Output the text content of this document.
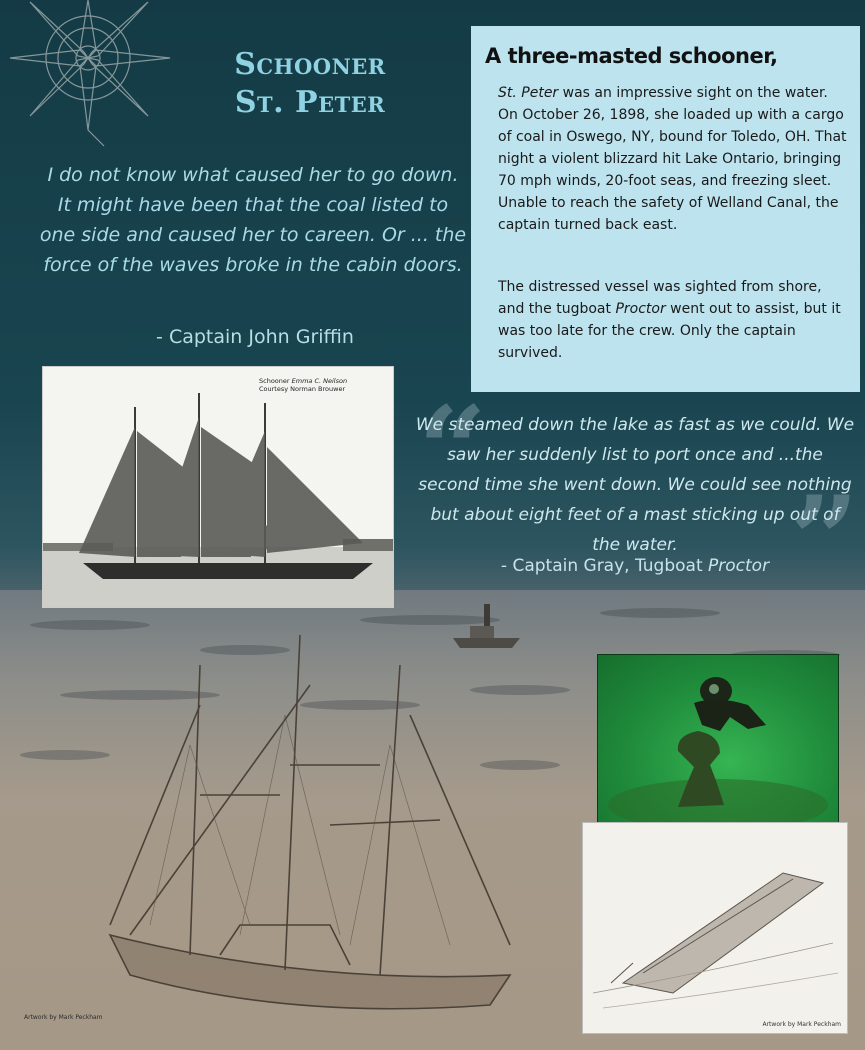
Schooner
St. Peter
I do not know what caused her to go down. It might have been that the coal listed to one side and caused her to careen. Or ... the force of the waves broke in the cabin doors.
- Captain John Griffin
A three-masted schooner,
St. Peter was an impressive sight on the water. On October 26, 1898, she loaded up with a cargo of coal in Oswego, NY, bound for Toledo, OH. That night a violent blizzard hit Lake Ontario, bringing 70 mph winds, 20-foot seas, and freezing sleet. Unable to reach the safety of Welland Canal, the captain turned back east.
The distressed vessel was sighted from shore, and the tugboat Proctor went out to assist, but it was too late for the crew. Only the captain survived.
Schooner Emma C. Neilson
Courtesy Norman Brouwer “
”
We steamed down the lake as fast as we could. We saw her suddenly list to port once and ...the second time she went down. We could see nothing but about eight feet of a mast sticking up out of the water.
- Captain Gray, Tugboat Proctor
Artwork by Mark Peckham
Artwork by Mark Peckham
